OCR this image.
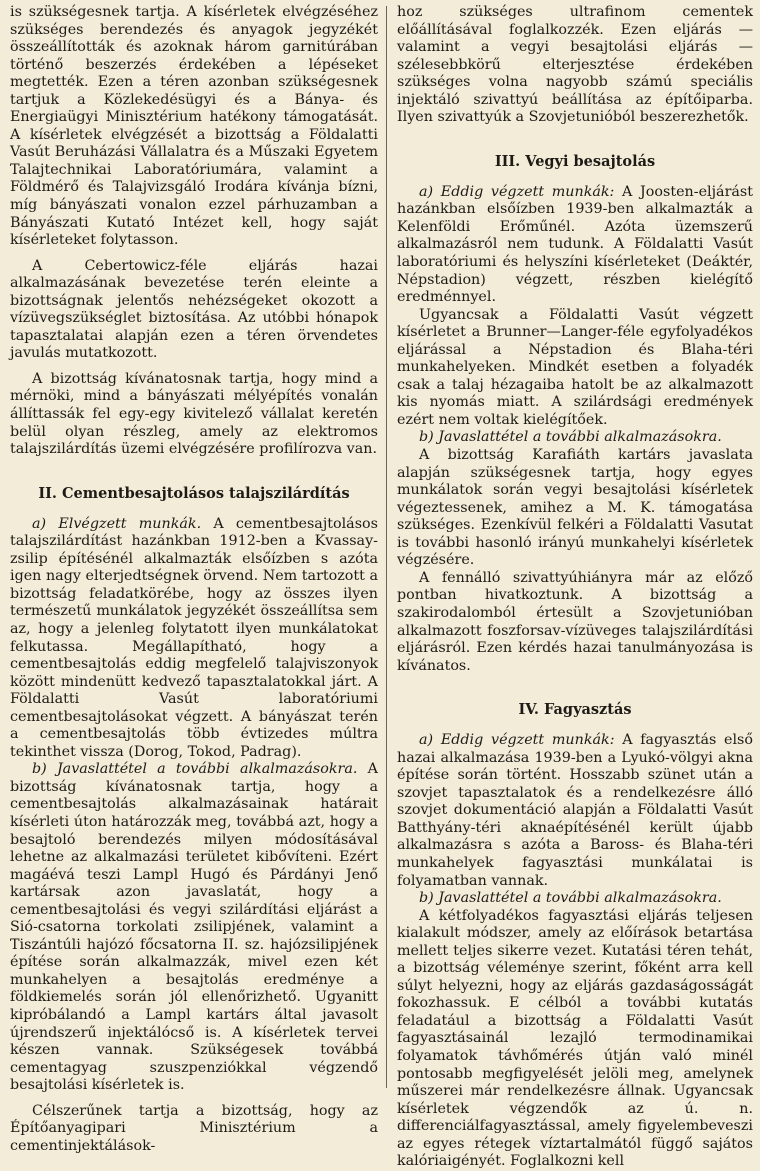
is szükségesnek tartja. A kísérletek elvégzéséhez szükséges berendezés és anyagok jegyzékét összeállították és azoknak három garnitúrában történő beszerzés érdekében a lépéseket megtették. Ezen a téren azonban szükségesnek tartjuk a Közlekedésügyi és a Bánya- és Energiaügyi Minisztérium hatékony támogatását. A kísérletek elvégzését a bizottság a Földalatti Vasút Beruházási Vállalatra és a Műszaki Egyetem Talajtechnikai Laboratóriumára, valamint a Földmérő és Talajvizsgáló Irodára kívánja bízni, míg bányászati vonalon ezzel párhuzamban a Bányászati Kutató Intézet kell, hogy saját kísérleteket folytasson.

A Cebertowicz-féle eljárás hazai alkalmazásának bevezetése terén eleinte a bizottságnak jelentős nehézségeket okozott a vízüvegszükséglet biztosítása. Az utóbbi hónapok tapasztalatai alapján ezen a téren örvendetes javulás mutatkozott.

A bizottság kívánatosnak tartja, hogy mind a mérnöki, mind a bányászati mélyépítés vonalán állíttassák fel egy-egy kivitelező vállalat keretén belül olyan részleg, amely az elektromos talajszilárdítás üzemi elvégzésére profilírozva van.

II. Cementbesajtolásos talajszilárdítás

a) Elvégzett munkák. A cementbesajtolásos talajszilárdítást hazánkban 1912-ben a Kvassay-zsilip építésénél alkalmazták elsőízben s azóta igen nagy elterjedtségnek örvend. Nem tartozott a bizottság feladatkörébe, hogy az összes ilyen természetű munkálatok jegyzékét összeállítsa sem az, hogy a jelenleg folytatott ilyen munkálatokat felkutassa. Megállapítható, hogy a cementbesajtolás eddig megfelelő talajviszonyok között mindenütt kedvező tapasztalatokkal járt. A Földalatti Vasút laboratóriumi cementbesajtolásokat végzett. A bányászat terén a cementbesajtolás több évtizedes múltra tekinthet vissza (Dorog, Tokod, Padrag).

b) Javaslattétel a további alkalmazásokra. A bizottság kívánatosnak tartja, hogy a cementbesajtolás alkalmazásainak határait kísérleti úton határozzák meg, továbbá azt, hogy a besajtoló berendezés milyen módosításával lehetne az alkalmazási területet kibővíteni. Ezért magáévá teszi Lampl Hugó és Párdányi Jenő kartársak azon javaslatát, hogy a cementbesajtolási és vegyi szilárdítási eljárást a Sió-csatorna torkolati zsilipjének, valamint a Tiszántúli hajózó főcsatorna II. sz. hajózsilipjének építése során alkalmazzák, mivel ezen két munkahelyen a besajtolás eredménye a földkiemelés során jól ellenőrizhető. Ugyanitt kipróbálandó a Lampl kartárs által javasolt újrendszerű injektálócső is. A kísérletek tervei készen vannak. Szükségesek továbbá cementagyag szuszpenziókkal végzendő besajtolási kísérletek is.

Célszerűnek tartja a bizottság, hogy az Építőanyagipari Minisztérium a cementinjektálások-

hoz szükséges ultrafinom cementek előállításával foglalkozzék. Ezen eljárás — valamint a vegyi besajtolási eljárás — szélesebbkörű elterjesztése érdekében szükséges volna nagyobb számú speciális injektáló szivattyú beállítása az építőiparba. Ilyen szivattyúk a Szovjetunióból beszerezhetők.

III. Vegyi besajtolás

a) Eddig végzett munkák: A Joosten-eljárást hazánkban elsőízben 1939-ben alkalmazták a Kelenföldi Erőműnél. Azóta üzemszerű alkalmazásról nem tudunk. A Földalatti Vasút laboratóriumi és helyszíni kísérleteket (Deáktér, Népstadion) végzett, részben kielégítő eredménnyel.

Ugyancsak a Földalatti Vasút végzett kísérletet a Brunner—Langer-féle egyfolyadékos eljárással a Népstadion és Blaha-téri munkahelyeken. Mindkét esetben a folyadék csak a talaj hézagaiba hatolt be az alkalmazott kis nyomás miatt. A szilárdsági eredmények ezért nem voltak kielégítőek.

b) Javaslattétel a további alkalmazásokra.

A bizottság Karafiáth kartárs javaslata alapján szükségesnek tartja, hogy egyes munkálatok során vegyi besajtolási kísérletek végeztessenek, amihez a M. K. támogatása szükséges. Ezenkívül felkéri a Földalatti Vasutat is további hasonló irányú munkahelyi kísérletek végzésére.

A fennálló szivattyúhiányra már az előző pontban hivatkoztunk. A bizottság a szakirodalomból értesült a Szovjetunióban alkalmazott foszforsav-vízüveges talajszilárdítási eljárásról. Ezen kérdés hazai tanulmányozása is kívánatos.

IV. Fagyasztás

a) Eddig végzett munkák: A fagyasztás első hazai alkalmazása 1939-ben a Lyukó-völgyi akna építése során történt. Hosszabb szünet után a szovjet tapasztalatok és a rendelkezésre álló szovjet dokumentáció alapján a Földalatti Vasút Batthyány-téri aknaépítésénél került újabb alkalmazásra s azóta a Baross- és Blaha-téri munkahelyek fagyasztási munkálatai is folyamatban vannak.

b) Javaslattétel a további alkalmazásokra.

A kétfolyadékos fagyasztási eljárás teljesen kialakult módszer, amely az előírások betartása mellett teljes sikerre vezet. Kutatási téren tehát, a bizottság véleménye szerint, főként arra kell súlyt helyezni, hogy az eljárás gazdaságosságát fokozhassuk. E célból a további kutatás feladatául a bizottság a Földalatti Vasút fagyasztásainál lezajló termodinamikai folyamatok távhőmérés útján való minél pontosabb megfigyelését jelöli meg, amelynek műszerei már rendelkezésre állnak. Ugyancsak kísérletek végzendők az ú. n. differenciálfagyasztással, amely figyelembeveszi az egyes rétegek víztartalmától függő sajátos kalóriaigényét. Foglalkozni kell
